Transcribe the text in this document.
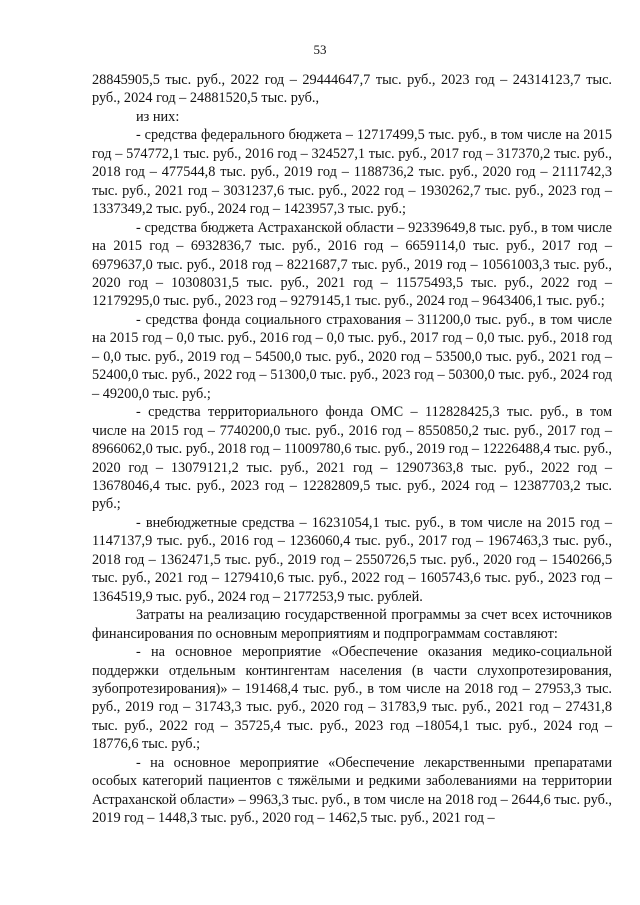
53

28845905,5 тыс. руб., 2022 год – 29444647,7 тыс. руб., 2023 год – 24314123,7 тыс. руб., 2024 год – 24881520,5 тыс. руб.,

из них:

- средства федерального бюджета – 12717499,5 тыс. руб., в том числе на 2015 год – 574772,1 тыс. руб., 2016 год – 324527,1 тыс. руб., 2017 год – 317370,2 тыс. руб., 2018 год – 477544,8 тыс. руб., 2019 год – 1188736,2 тыс. руб., 2020 год – 2111742,3 тыс. руб., 2021 год – 3031237,6 тыс. руб., 2022 год – 1930262,7 тыс. руб., 2023 год – 1337349,2 тыс. руб., 2024 год – 1423957,3 тыс. руб.;

- средства бюджета Астраханской области – 92339649,8 тыс. руб., в том числе на 2015 год – 6932836,7 тыс. руб., 2016 год – 6659114,0 тыс. руб., 2017 год – 6979637,0 тыс. руб., 2018 год – 8221687,7 тыс. руб., 2019 год – 10561003,3 тыс. руб., 2020 год – 10308031,5 тыс. руб., 2021 год – 11575493,5 тыс. руб., 2022 год – 12179295,0 тыс. руб., 2023 год – 9279145,1 тыс. руб., 2024 год – 9643406,1 тыс. руб.;

- средства фонда социального страхования – 311200,0 тыс. руб., в том числе на 2015 год – 0,0 тыс. руб., 2016 год – 0,0 тыс. руб., 2017 год – 0,0 тыс. руб., 2018 год – 0,0 тыс. руб., 2019 год – 54500,0 тыс. руб., 2020 год – 53500,0 тыс. руб., 2021 год – 52400,0 тыс. руб., 2022 год – 51300,0 тыс. руб., 2023 год – 50300,0 тыс. руб., 2024 год – 49200,0 тыс. руб.;

- средства территориального фонда ОМС – 112828425,3 тыс. руб., в том числе на 2015 год – 7740200,0 тыс. руб., 2016 год – 8550850,2 тыс. руб., 2017 год – 8966062,0 тыс. руб., 2018 год – 11009780,6 тыс. руб., 2019 год – 12226488,4 тыс. руб., 2020 год – 13079121,2 тыс. руб., 2021 год – 12907363,8 тыс. руб., 2022 год – 13678046,4 тыс. руб., 2023 год – 12282809,5 тыс. руб., 2024 год – 12387703,2 тыс. руб.;

- внебюджетные средства – 16231054,1 тыс. руб., в том числе на 2015 год – 1147137,9 тыс. руб., 2016 год – 1236060,4 тыс. руб., 2017 год – 1967463,3 тыс. руб., 2018 год – 1362471,5 тыс. руб., 2019 год – 2550726,5 тыс. руб., 2020 год – 1540266,5 тыс. руб., 2021 год – 1279410,6 тыс. руб., 2022 год – 1605743,6 тыс. руб., 2023 год – 1364519,9 тыс. руб., 2024 год – 2177253,9 тыс. рублей.

Затраты на реализацию государственной программы за счет всех источников финансирования по основным мероприятиям и подпрограммам составляют:

- на основное мероприятие «Обеспечение оказания медико-социальной поддержки отдельным контингентам населения (в части слухопротезирования, зубопротезирования)» – 191468,4 тыс. руб., в том числе на 2018 год – 27953,3 тыс. руб., 2019 год – 31743,3 тыс. руб., 2020 год – 31783,9 тыс. руб., 2021 год – 27431,8 тыс. руб., 2022 год – 35725,4 тыс. руб., 2023 год –18054,1 тыс. руб., 2024 год – 18776,6 тыс. руб.;

- на основное мероприятие «Обеспечение лекарственными препаратами особых категорий пациентов с тяжёлыми и редкими заболеваниями на территории Астраханской области» – 9963,3 тыс. руб., в том числе на 2018 год – 2644,6 тыс. руб., 2019 год – 1448,3 тыс. руб., 2020 год – 1462,5 тыс. руб., 2021 год –
